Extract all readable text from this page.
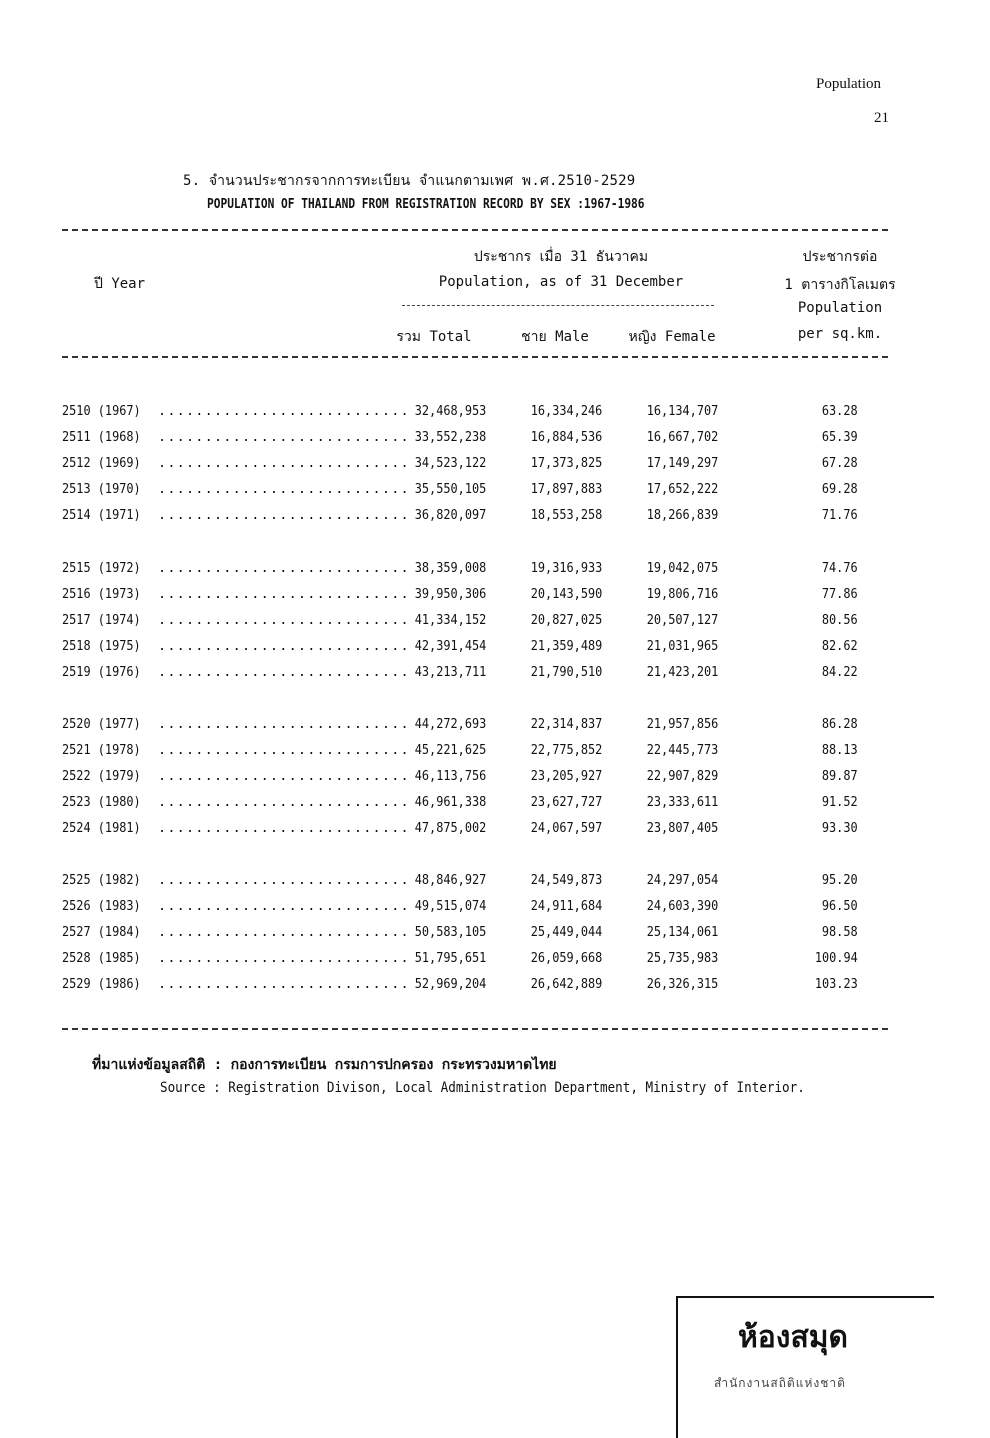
Population
21
5. จำนวนประชากรจากการทะเบียน จำแนกตามเพศ พ.ศ.2510-2529
POPULATION OF THAILAND FROM REGISTRATION RECORD BY SEX :1967-1986
ปี Year
ประชากร เมื่อ 31 ธันวาคม
Population, as of 31 December
รวม Total	ชาย Male	หญิง Female
ประชากรต่อ
1 ตารางกิโลเมตร
Population
per sq.km.
2510 (1967) ........................... 32,468,953	16,334,246	16,134,707	63.28
2511 (1968) ........................... 33,552,238	16,884,536	16,667,702	65.39
2512 (1969) ........................... 34,523,122	17,373,825	17,149,297	67.28
2513 (1970) ........................... 35,550,105	17,897,883	17,652,222	69.28
2514 (1971) ........................... 36,820,097	18,553,258	18,266,839	71.76
2515 (1972) ........................... 38,359,008	19,316,933	19,042,075	74.76
2516 (1973) ........................... 39,950,306	20,143,590	19,806,716	77.86
2517 (1974) ........................... 41,334,152	20,827,025	20,507,127	80.56
2518 (1975) ........................... 42,391,454	21,359,489	21,031,965	82.62
2519 (1976) ........................... 43,213,711	21,790,510	21,423,201	84.22
2520 (1977) ........................... 44,272,693	22,314,837	21,957,856	86.28
2521 (1978) ........................... 45,221,625	22,775,852	22,445,773	88.13
2522 (1979) ........................... 46,113,756	23,205,927	22,907,829	89.87
2523 (1980) ........................... 46,961,338	23,627,727	23,333,611	91.52
2524 (1981) ........................... 47,875,002	24,067,597	23,807,405	93.30
2525 (1982) ........................... 48,846,927	24,549,873	24,297,054	95.20
2526 (1983) ........................... 49,515,074	24,911,684	24,603,390	96.50
2527 (1984) ........................... 50,583,105	25,449,044	25,134,061	98.58
2528 (1985) ........................... 51,795,651	26,059,668	25,735,983	100.94
2529 (1986) ........................... 52,969,204	26,642,889	26,326,315	103.23
ที่มาแห่งข้อมูลสถิติ : กองการทะเบียน กรมการปกครอง กระทรวงมหาดไทย
Source : Registration Divison, Local Administration Department, Ministry of Interior.
ห้องสมุด
สำนักงานสถิติแห่งชาติ
